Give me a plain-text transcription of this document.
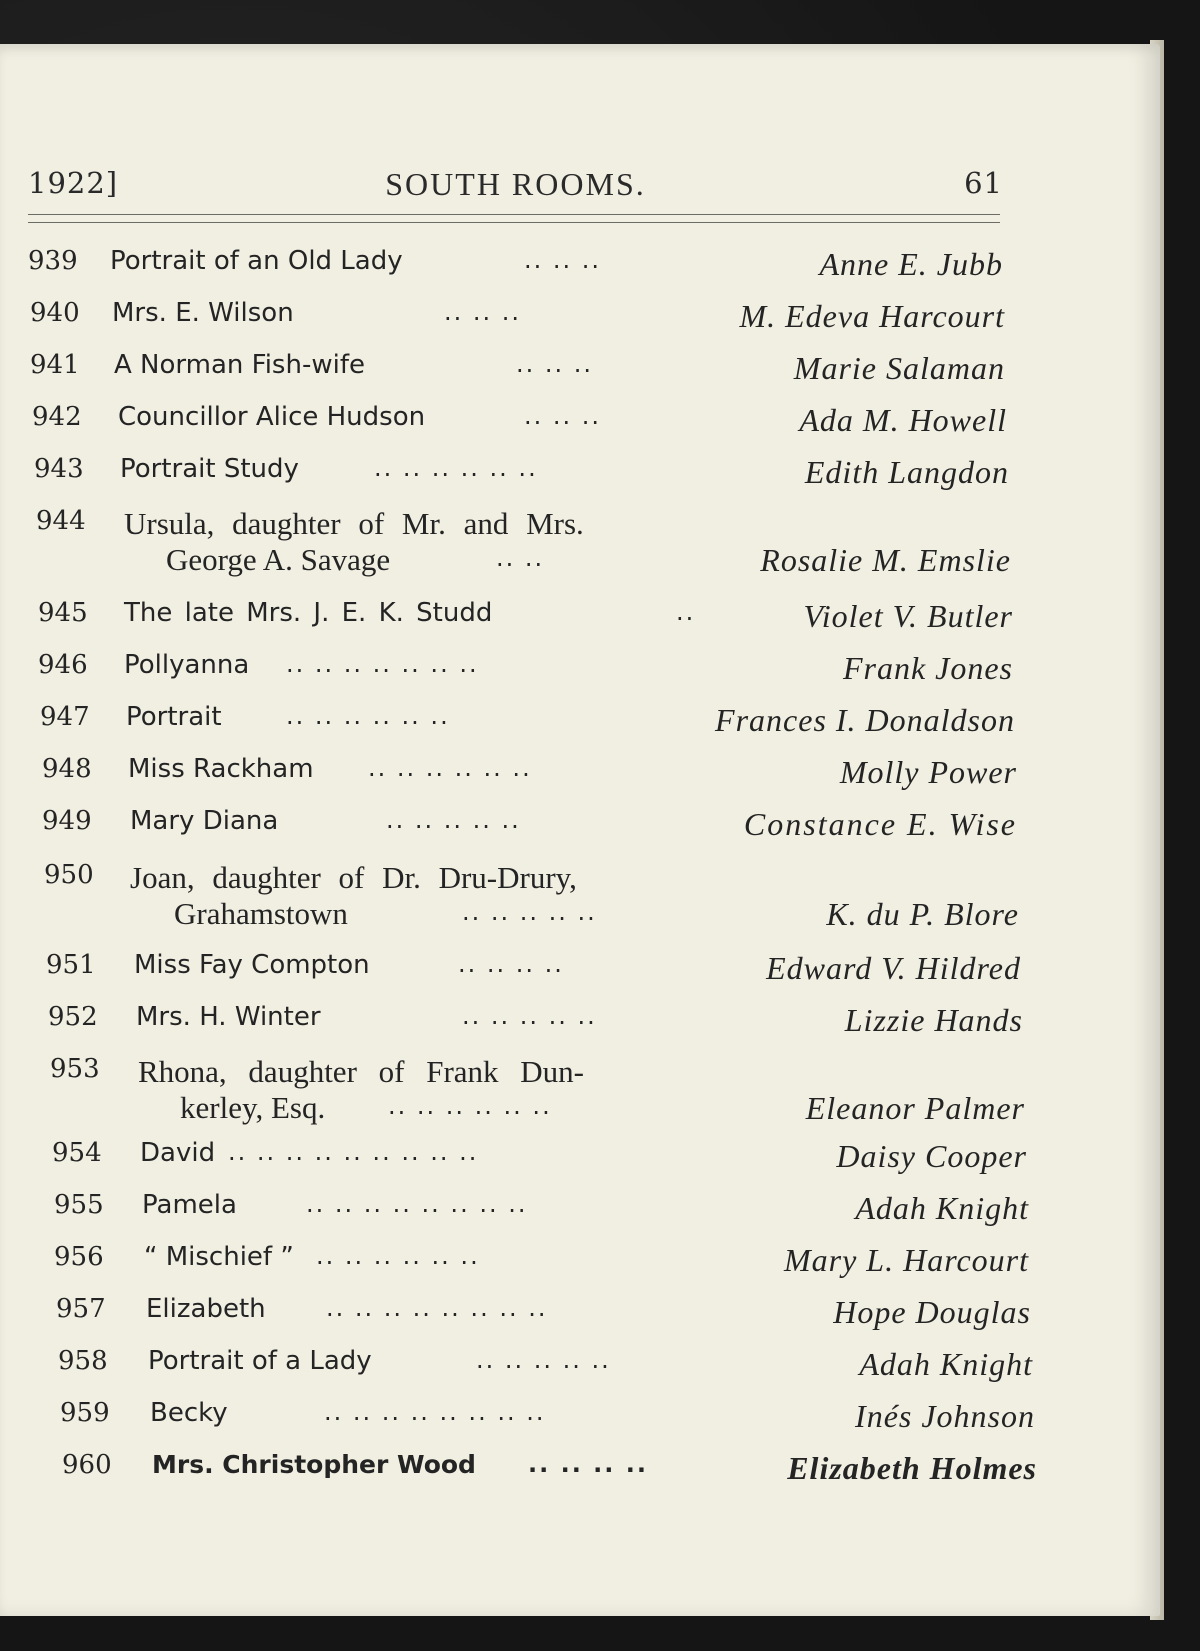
1922]	SOUTH ROOMS.	61
939	Portrait of an Old Lady	.. .. ..	Anne E. Jubb
940	Mrs. E. Wilson	.. .. ..	M. Edeva Harcourt
941	A Norman Fish-wife	.. .. ..	Marie Salaman
942	Councillor Alice Hudson	.. .. ..	Ada M. Howell
943	Portrait Study	.. .. .. .. .. ..	Edith Langdon
944	Ursula, daughter of Mr. and Mrs.
George A. Savage	.. ..	Rosalie M. Emslie
945	The late Mrs. J. E. K. Studd	..	Violet V. Butler
946	Pollyanna .. .. .. .. .. .. ..	Frank Jones
947	Portrait	.. .. .. .. .. ..	Frances I. Donaldson
948	Miss Rackham .. .. .. .. .. ..	Molly Power
949	Mary Diana	.. .. .. .. ..	Constance E. Wise
950	Joan, daughter of Dr. Dru-Drury,
Grahamstown	.. .. .. .. ..	K. du P. Blore
951	Miss Fay Compton	.. .. .. ..	Edward V. Hildred
952	Mrs. H. Winter	.. .. .. .. ..	Lizzie Hands
953	Rhona, daughter of Frank Dun-
kerley, Esq.	.. .. .. .. .. ..	Eleanor Palmer
954	David .. .. .. .. .. .. .. .. ..	Daisy Cooper
955	Pamela	.. .. .. .. .. .. .. ..	Adah Knight
956	“ Mischief ” .. .. .. .. .. ..	Mary L. Harcourt
957	Elizabeth	.. .. .. .. .. .. .. ..	Hope Douglas
958	Portrait of a Lady	.. .. .. .. ..	Adah Knight
959	Becky	.. .. .. .. .. .. .. ..	Inés Johnson
960	Mrs. Christopher Wood .. .. .. ..	Elizabeth Holmes
